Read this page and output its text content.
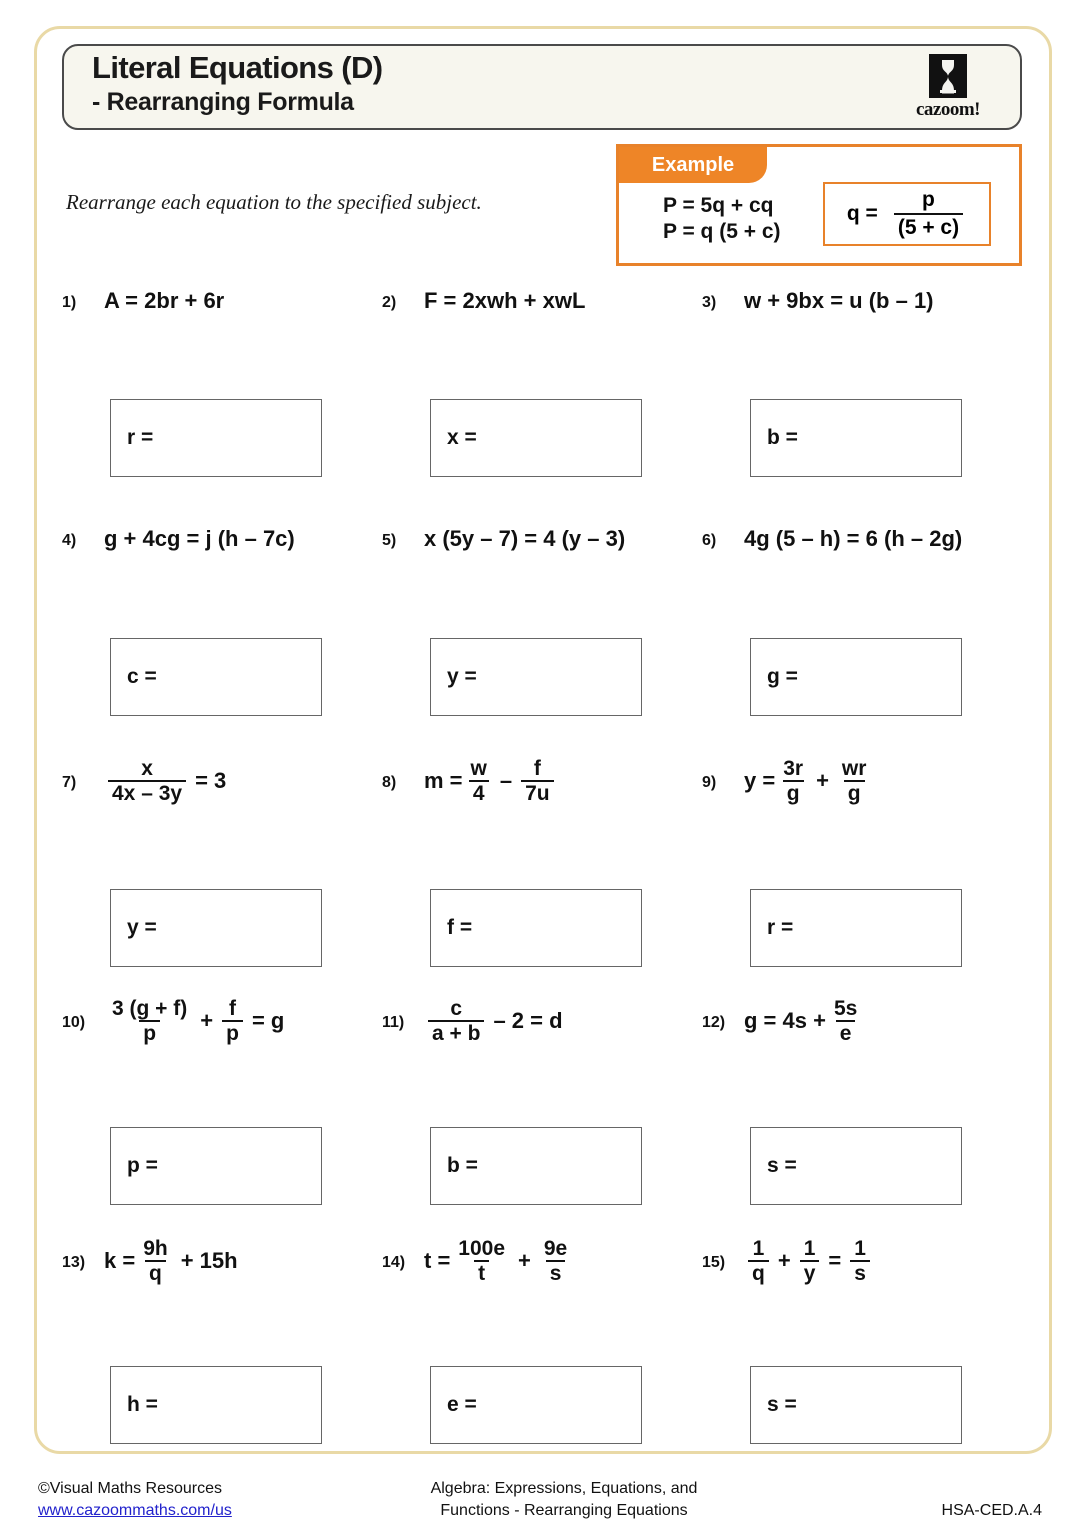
Literal Equations (D)
- Rearranging Formula	cazoom!
Rearrange each equation to the specified subject.
Example
P = 5q + cq
P = q (5 + c)
$q = \frac{p}{(5 + c)}$
1)	A = 2br + 6r	2)	F = 2xwh + xwL	3)	w + 9bx = u (b – 1)
r =	x =	b =
4)	g + 4cg = j (h – 7c)	5)	x (5y – 7) = 4 (y – 3)	6)	4g (5 – h) = 6 (h – 2g)
c =	y =	g =
7)	$\frac{x}{4x - 3y} = 3$	8)	$m = \frac{w}{4} - \frac{f}{7u}$	9)	$y = \frac{3r}{g} + \frac{wr}{g}$
y =	f =	r =
10)	$\frac{3 (g + f)}{p} + \frac{f}{p} = g$	11)	$\frac{c}{a + b} - 2 = d$	12) $g = 4s + \frac{5s}{e}$
p =	b =	s =
13) $k = \frac{9h}{q} + 15h$	14) $t = \frac{100e}{t} + \frac{9e}{s}$	15)	$\frac{1}{q} + \frac{1}{y} = \frac{1}{s}$
h =	e =	s =
©Visual Maths Resources
www.cazoommaths.com/us
Algebra: Expressions, Equations, and
Functions - Rearranging Equations	HSA-CED.A.4
